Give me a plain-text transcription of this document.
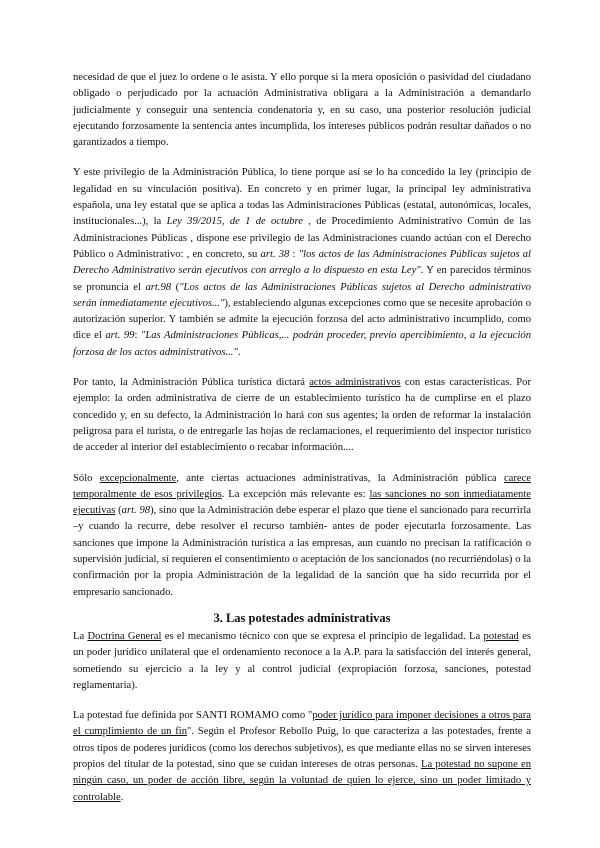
necesidad de que el juez lo ordene o le asista. Y ello porque si la mera oposición o pasividad del ciudadano obligado o perjudicado por la actuación Administrativa obligara a la Administración a demandarlo judicialmente y conseguir una sentencia condenatoria y, en su caso, una posterior resolución judicial ejecutando forzosamente la sentencia antes incumplida, los intereses públicos podrán resultar dañados o no garantizados a tiempo.

Y este privilegio de la Administración Pública, lo tiene porque así se lo ha concedido la ley (principio de legalidad en su vinculación positiva). En concreto y en primer lugar, la principal ley administrativa española, una ley estatal que se aplica a todas las Administraciones Públicas (estatal, autonómicas, locales, institucionales...), la Ley 39/2015, de 1 de octubre , de Procedimiento Administrativo Común de las Administraciones Públicas , dispone ese privilegio de las Administraciones cuando actúan con el Derecho Público o Administrativo: , en concreto, su art. 38 : "los actos de las Administraciones Públicas sujetos al Derecho Administrativo serán ejecutivos con arreglo a lo dispuesto en esta Ley". Y en parecidos términos se pronuncia el art.98 ("Los actos de las Administraciones Públicas sujetos al Derecho administrativo serán inmediatamente ejecutivos..."), estableciendo algunas excepciones como que se necesite aprobación o autorización superior. Y también se admite la ejecución forzosa del acto administrativo incumplido, como dice el art. 99: "Las Administraciones Públicas,... podrán proceder, previo apercibimiento, a la ejecución forzosa de los actos administrativos...".

Por tanto, la Administración Pública turística dictará actos administrativos con estas características. Por ejemplo: la orden administrativa de cierre de un establecimiento turístico ha de cumplirse en el plazo concedido y, en su defecto, la Administración lo hará con sus agentes; la orden de reformar la instalación peligrosa para el turista, o de entregarle las hojas de reclamaciones, el requerimiento del inspector turístico de acceder al interior del establecimiento o recabar información....

Sólo excepcionalmente, ante ciertas actuaciones administrativas, la Administración pública carece temporalmente de esos privilegios. La excepción más relevante es: las sanciones no son inmediatamente ejecutivas (art. 98), sino que la Administración debe esperar el plazo que tiene el sancionado para recurrirla –y cuando la recurre, debe resolver el recurso también- antes de poder ejecutarla forzosamente. Las sanciones que impone la Administración turística a las empresas, aun cuando no precisan la ratificación o supervisión judicial, sí requieren el consentimiento o aceptación de los sancionados (no recurriéndolas) o la confirmación por la propia Administración de la legalidad de la sanción que ha sido recurrida por el empresario sancionado.

3. Las potestades administrativas

La Doctrina General es el mecanismo técnico con que se expresa el principio de legalidad. La potestad es un poder jurídico unilateral que el ordenamiento reconoce a la A.P. para la satisfacción del interés general, sometiendo su ejercicio a la ley y al control judicial (expropiación forzosa, sanciones, potestad reglamentaria).

La potestad fue definida por SANTI ROMAMO como "poder jurídico para imponer decisiones a otros para el cumplimiento de un fin". Según el Profesor Rebollo Puig, lo que caracteriza a las potestades, frente a otros tipos de poderes jurídicos (como los derechos subjetivos), es que mediante ellas no se sirven intereses propios del titular de la potestad, sino que se cuidan intereses de otras personas. La potestad no supone en ningún caso, un poder de acción libre, según la voluntad de quien lo ejerce, sino un poder limitado y controlable.
